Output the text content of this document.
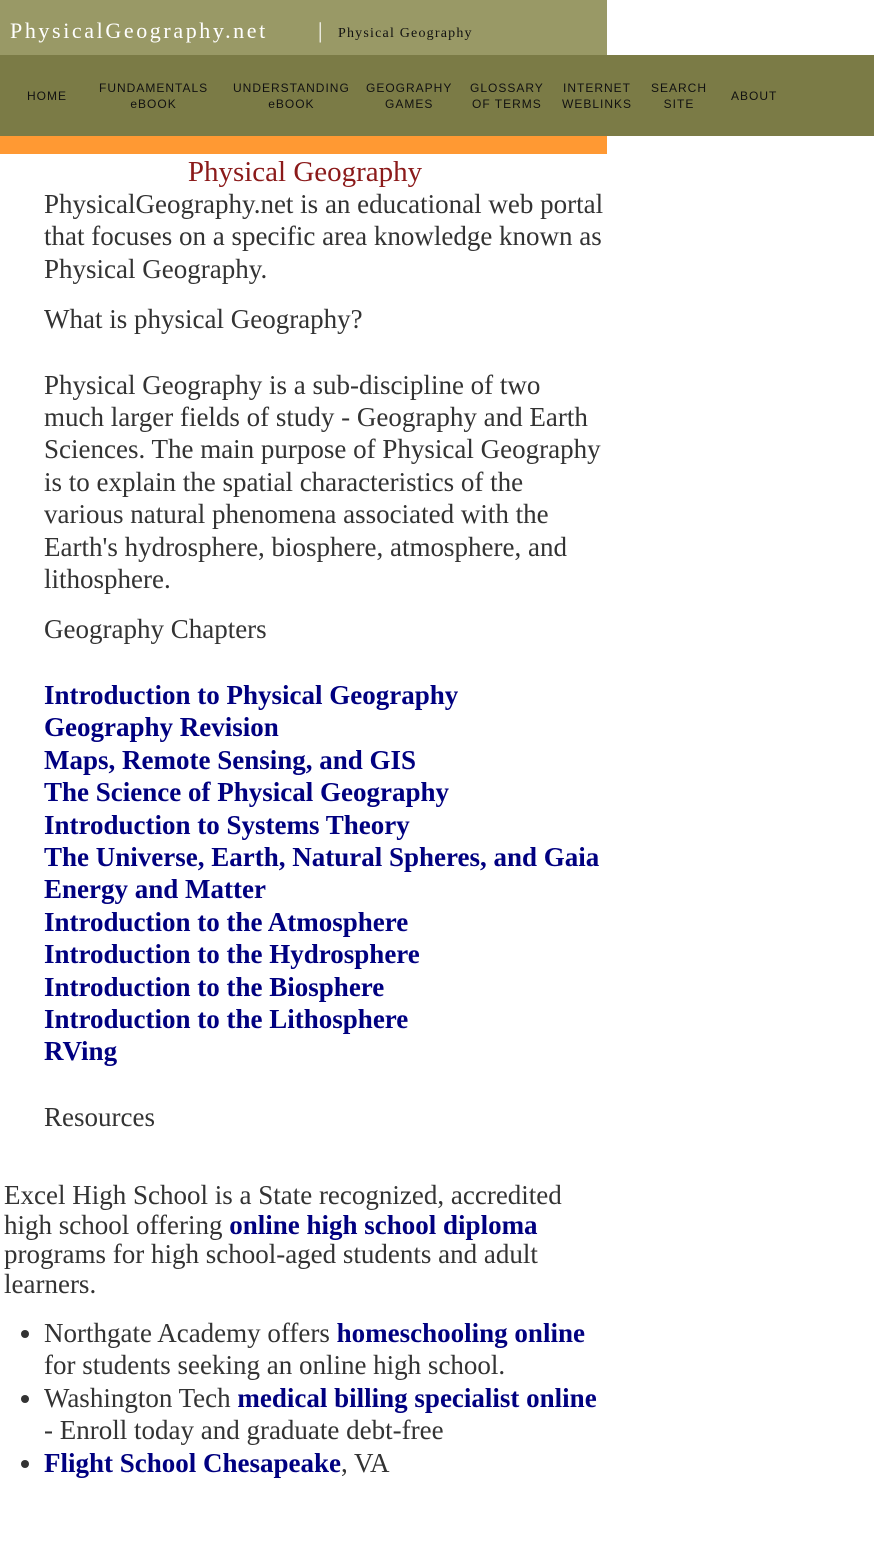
PhysicalGeography.net | Physical Geography
HOME
FUNDAMENTALS
eBOOK
UNDERSTANDING
eBOOK
GEOGRAPHY
GAMES
GLOSSARY
OF TERMS
INTERNET
WEBLINKS
SEARCH
SITE
ABOUT
Physical Geography

PhysicalGeography.net is an educational web portal that focuses on a specific area knowledge known as Physical Geography.

What is physical Geography?

Physical Geography is a sub-discipline of two much larger fields of study - Geography and Earth Sciences. The main purpose of Physical Geography is to explain the spatial characteristics of the various natural phenomena associated with the Earth's hydrosphere, biosphere, atmosphere, and lithosphere.

Geography Chapters

Introduction to Physical Geography
Geography Revision
Maps, Remote Sensing, and GIS
The Science of Physical Geography
Introduction to Systems Theory
The Universe, Earth, Natural Spheres, and Gaia
Energy and Matter
Introduction to the Atmosphere
Introduction to the Hydrosphere
Introduction to the Biosphere
Introduction to the Lithosphere
RVing

Resources

Excel High School is a State recognized, accredited high school offering online high school diploma programs for high school-aged students and adult learners.

• Northgate Academy offers homeschooling online for students seeking an online high school.
• Washington Tech medical billing specialist online - Enroll today and graduate debt-free
• Flight School Chesapeake, VA
